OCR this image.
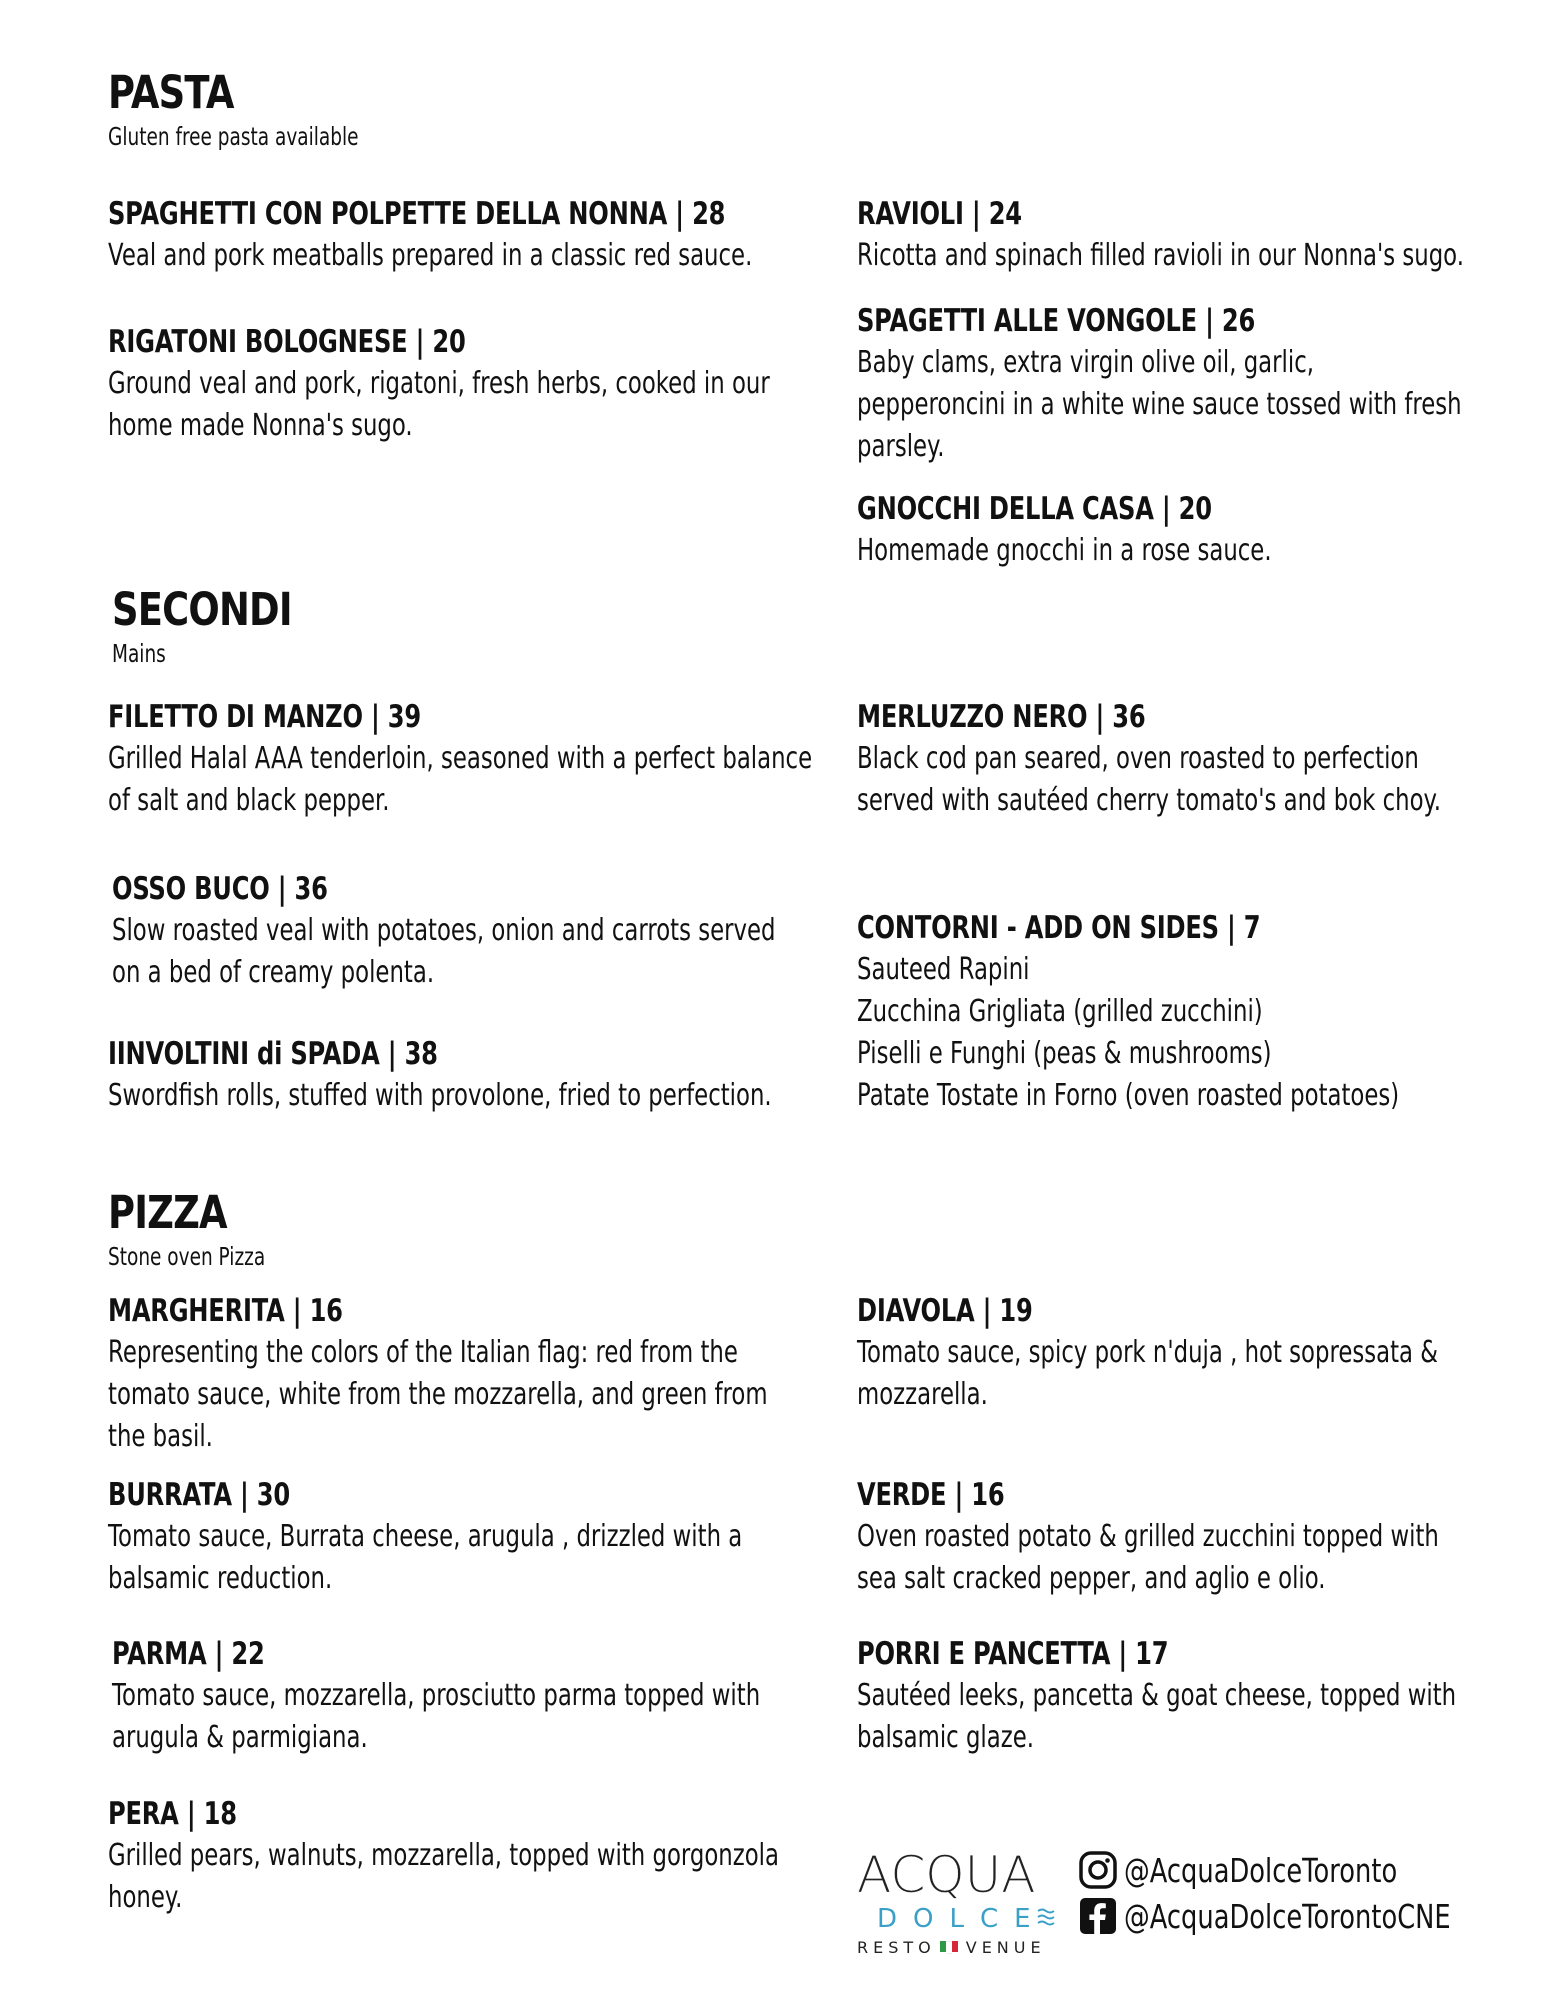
PASTA
Gluten free pasta available
SPAGHETTI CON POLPETTE DELLA NONNA | 28
Veal and pork meatballs prepared in a classic red sauce.
RAVIOLI | 24
Ricotta and spinach filled ravioli in our Nonna's sugo.
RIGATONI BOLOGNESE | 20
Ground veal and pork, rigatoni, fresh herbs, cooked in our
home made Nonna's sugo.
SPAGETTI ALLE VONGOLE | 26
Baby clams, extra virgin olive oil, garlic,
pepperoncini in a white wine sauce tossed with fresh
parsley.
GNOCCHI DELLA CASA | 20
Homemade gnocchi in a rose sauce.
SECONDI
Mains
FILETTO DI MANZO | 39
Grilled Halal AAA tenderloin, seasoned with a perfect balance
of salt and black pepper.
MERLUZZO NERO | 36
Black cod pan seared, oven roasted to perfection
served with sautéed cherry tomato's and bok choy.
OSSO BUCO | 36
Slow roasted veal with potatoes, onion and carrots served
on a bed of creamy polenta.
CONTORNI - ADD ON SIDES | 7
Sauteed Rapini
Zucchina Grigliata (grilled zucchini)
Piselli e Funghi (peas & mushrooms)
Patate Tostate in Forno (oven roasted potatoes)
IINVOLTINI di SPADA | 38
Swordfish rolls, stuffed with provolone, fried to perfection.
PIZZA
Stone oven Pizza
MARGHERITA | 16
Representing the colors of the Italian flag: red from the
tomato sauce, white from the mozzarella, and green from
the basil.
DIAVOLA | 19
Tomato sauce, spicy pork n'duja , hot sopressata &
mozzarella.
BURRATA | 30
Tomato sauce, Burrata cheese, arugula , drizzled with a
balsamic reduction.
VERDE | 16
Oven roasted potato & grilled zucchini topped with
sea salt cracked pepper, and aglio e olio.
PARMA | 22
Tomato sauce, mozzarella, prosciutto parma topped with
arugula & parmigiana.
PORRI E PANCETTA | 17
Sautéed leeks, pancetta & goat cheese, topped with
balsamic glaze.
PERA | 18
Grilled pears, walnuts, mozzarella, topped with gorgonzola
honey.	ACQUA
DOLCE
RESTO VENUE
@AcquaDolceToronto
@AcquaDolceTorontoCNE
